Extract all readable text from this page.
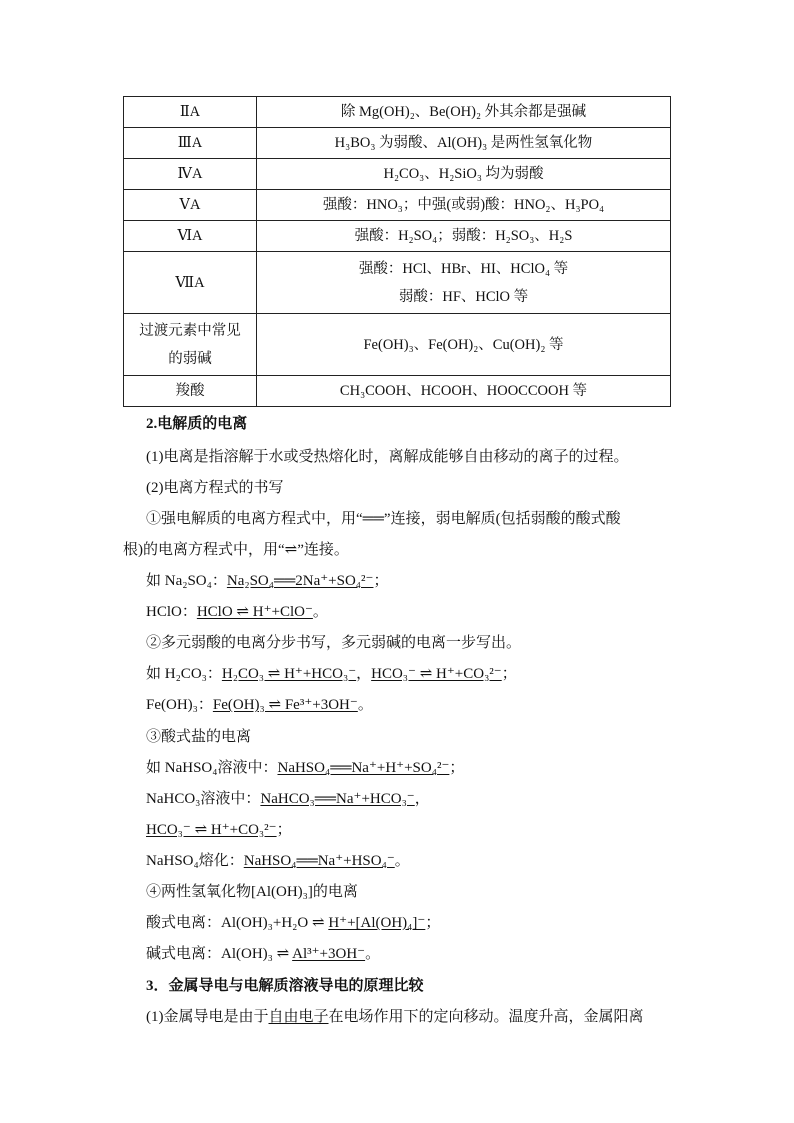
ⅡA	除 Mg(OH)₂、Be(OH)₂ 外其余都是强碱
ⅢA	H₃BO₃ 为弱酸、Al(OH)₃ 是两性氢氧化物
ⅣA	H₂CO₃、H₂SiO₃ 均为弱酸
ⅤA	强酸：HNO₃；中强(或弱)酸：HNO₂、H₃PO₄
ⅥA	强酸：H₂SO₄；弱酸：H₂SO₃、H₂S
ⅦA	强酸：HCl、HBr、HI、HClO₄ 等
弱酸：HF、HClO 等

过渡元素中常见
的弱碱	Fe(OH)₃、Fe(OH)₂、Cu(OH)₂ 等
羧酸	CH₃COOH、HCOOH、HOOCCOOH 等
2.电解质的电离
(1)电离是指溶解于水或受热熔化时，离解成能够自由移动的离子的过程。
(2)电离方程式的书写
①强电解质的电离方程式中，用“══”连接，弱电解质(包括弱酸的酸式酸
根)的电离方程式中，用“⇌”连接。
如 Na₂SO₄：Na₂SO₄══2Na⁺+SO₄²⁻；
HClO：HClO ⇌ H⁺+ClO⁻。
②多元弱酸的电离分步书写，多元弱碱的电离一步写出。
如 H₂CO₃：H₂CO₃ ⇌ H⁺+HCO₃⁻，HCO₃⁻ ⇌ H⁺+CO₃²⁻；
Fe(OH)₃：Fe(OH)₃ ⇌ Fe³⁺+3OH⁻。
③酸式盐的电离
如 NaHSO₄溶液中：NaHSO₄══Na⁺+H⁺+SO₄²⁻；
NaHCO₃溶液中：NaHCO₃══Na⁺+HCO₃⁻，
HCO₃⁻ ⇌ H⁺+CO₃²⁻；
NaHSO₄熔化：NaHSO₄══Na⁺+HSO₄⁻。
④两性氢氧化物[Al(OH)₃]的电离
酸式电离：Al(OH)₃+H₂O ⇌ H⁺+[Al(OH)₄]⁻；
碱式电离：Al(OH)₃ ⇌ Al³⁺+3OH⁻。
3．金属导电与电解质溶液导电的原理比较
(1)金属导电是由于自由电子在电场作用下的定向移动。温度升高，金属阳离
